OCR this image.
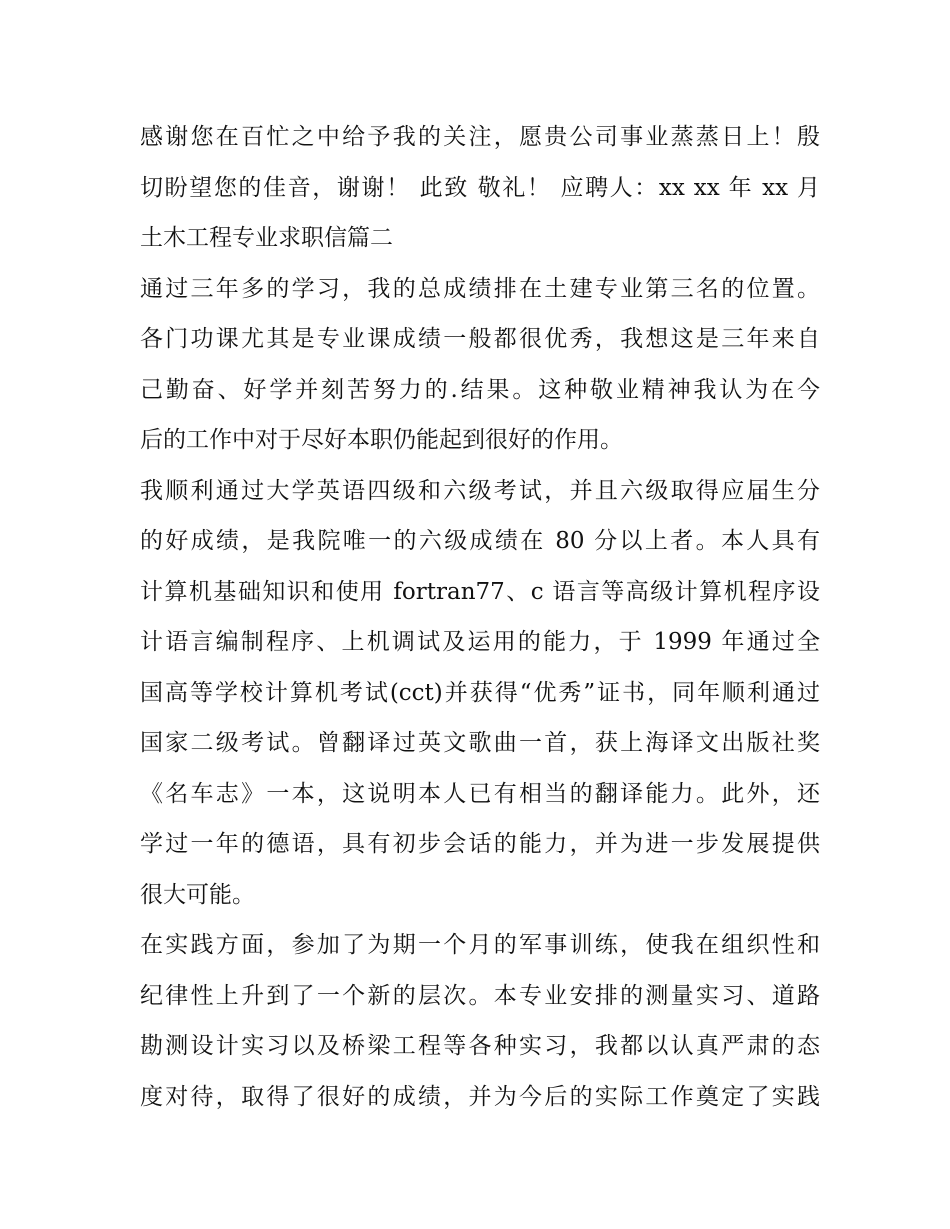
感谢您在百忙之中给予我的关注，愿贵公司事业蒸蒸日上！殷
切盼望您的佳音，谢谢！ 此致 敬礼！ 应聘人：xx xx 年 xx 月
土木工程专业求职信篇二
通过三年多的学习，我的总成绩排在土建专业第三名的位置。
各门功课尤其是专业课成绩一般都很优秀，我想这是三年来自
己勤奋、好学并刻苦努力的.结果。这种敬业精神我认为在今
后的工作中对于尽好本职仍能起到很好的作用。
我顺利通过大学英语四级和六级考试，并且六级取得应届生分
的好成绩，是我院唯一的六级成绩在 80 分以上者。本人具有
计算机基础知识和使用 fortran77、c 语言等高级计算机程序设
计语言编制程序、上机调试及运用的能力，于 1999 年通过全
国高等学校计算机考试(cct)并获得“优秀”证书，同年顺利通过
国家二级考试。曾翻译过英文歌曲一首，获上海译文出版社奖
《名车志》一本，这说明本人已有相当的翻译能力。此外，还
学过一年的德语，具有初步会话的能力，并为进一步发展提供
很大可能。
在实践方面，参加了为期一个月的军事训练，使我在组织性和
纪律性上升到了一个新的层次。本专业安排的测量实习、道路
勘测设计实习以及桥梁工程等各种实习，我都以认真严肃的态
度对待，取得了很好的成绩，并为今后的实际工作奠定了实践
